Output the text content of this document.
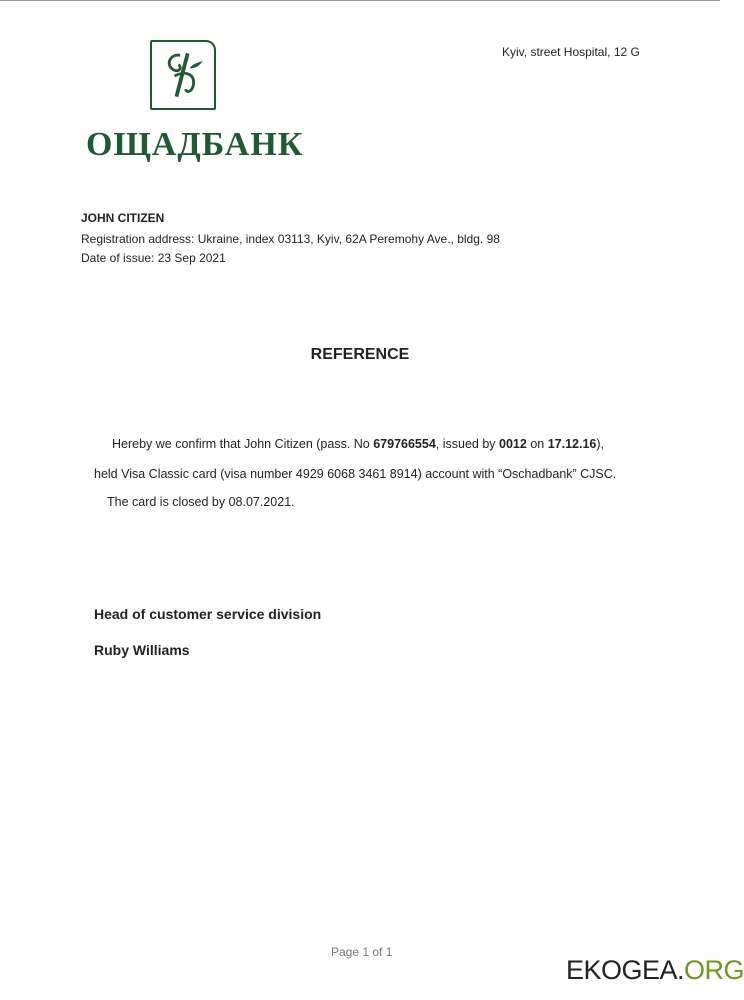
Kyiv, street Hospital, 12 G
ОЩАДБАНК
JOHN CITIZEN
Registration address: Ukraine, index 03113, Kyiv, 62A Peremohy Ave., bldg. 98
Date of issue: 23 Sep 2021
REFERENCE
Hereby we confirm that John Citizen (pass. No 679766554, issued by 0012 on 17.12.16),
held Visa Classic card (visa number 4929 6068 3461 8914) account with “Oschadbank” CJSC.
The card is closed by 08.07.2021.
Head of customer service division
Ruby Williams
Page 1 of 1
EKOGEA.ORG
